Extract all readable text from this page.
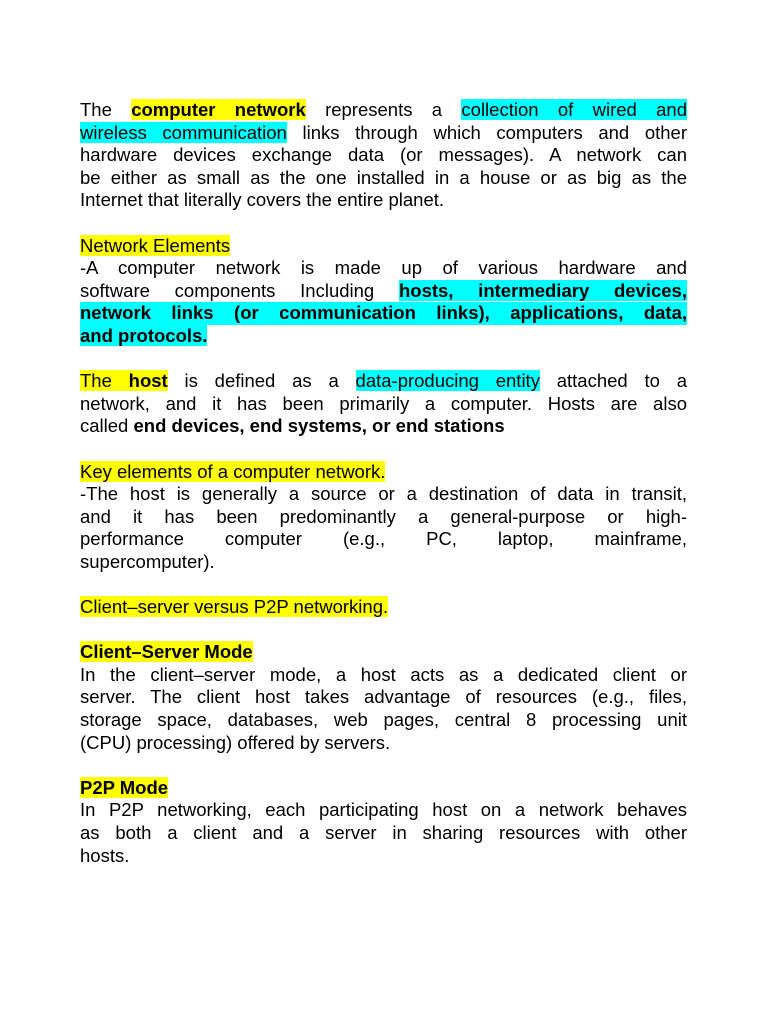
The computer network represents a collection of wired and
wireless communication links through which computers and other
hardware devices exchange data (or messages). A network can
be either as small as the one installed in a house or as big as the
Internet that literally covers the entire planet.
Network Elements
-A computer network is made up of various hardware and
software components Including hosts, intermediary devices,
network links (or communication links), applications, data,
and protocols.
The host is defined as a data-producing entity attached to a
network, and it has been primarily a computer. Hosts are also
called end devices, end systems, or end stations
Key elements of a computer network.
-The host is generally a source or a destination of data in transit,
and it has been predominantly a general-purpose or high-
performance computer (e.g., PC, laptop, mainframe,
supercomputer).
Client–server versus P2P networking.
Client–Server Mode
In the client–server mode, a host acts as a dedicated client or
server. The client host takes advantage of resources (e.g., files,
storage space, databases, web pages, central 8 processing unit
(CPU) processing) offered by servers.
P2P Mode
In P2P networking, each participating host on a network behaves
as both a client and a server in sharing resources with other
hosts.
